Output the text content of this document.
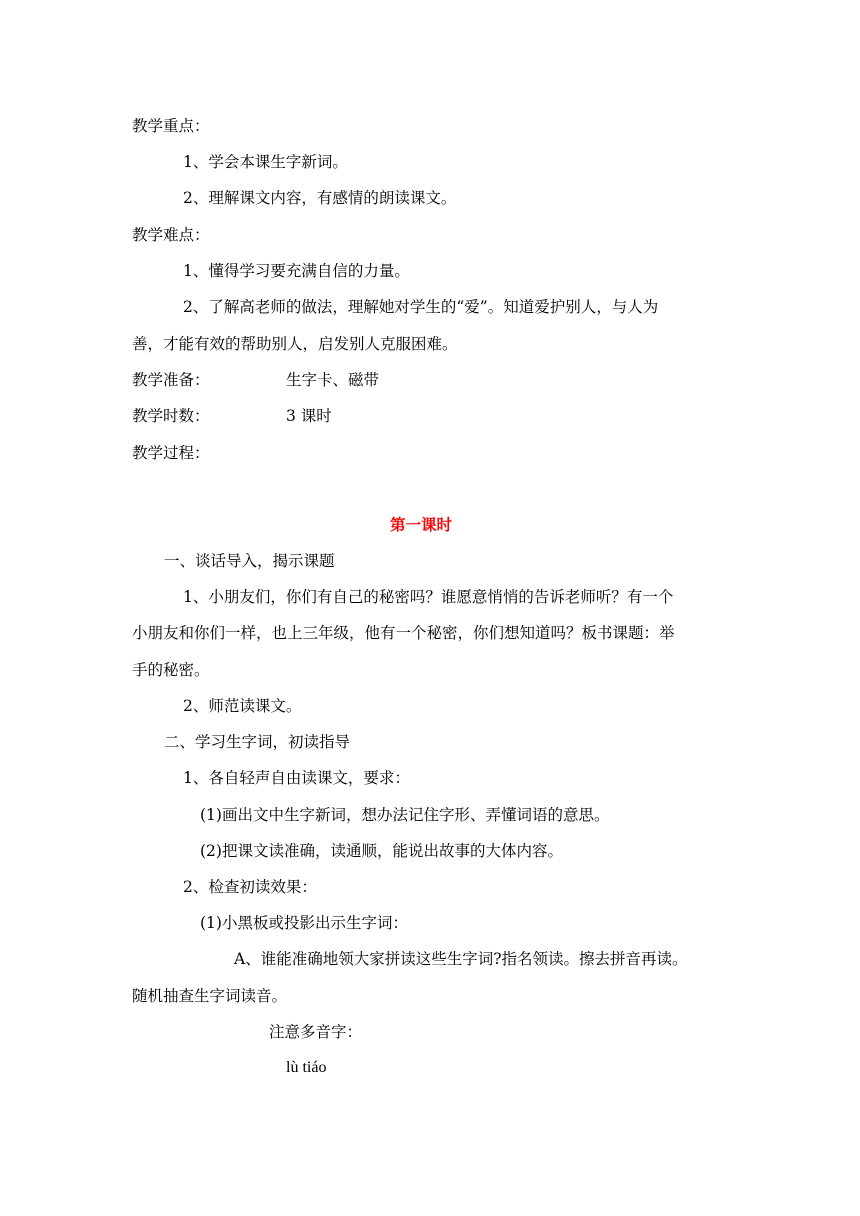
教学重点：
1、学会本课生字新词。
2、理解课文内容，有感情的朗读课文。
教学难点：
1、懂得学习要充满自信的力量。
2、了解高老师的做法，理解她对学生的“爱”。知道爱护别人，与人为
善，才能有效的帮助别人，启发别人克服困难。
教学准备：	生字卡、磁带
教学时数：	3 课时
教学过程：
第一课时
一、谈话导入，揭示课题
1、小朋友们，你们有自己的秘密吗？谁愿意悄悄的告诉老师听？有一个
小朋友和你们一样，也上三年级，他有一个秘密，你们想知道吗？板书课题：举
手的秘密。
2、师范读课文。
二、学习生字词，初读指导
1、各自轻声自由读课文，要求：
(1)画出文中生字新词，想办法记住字形、弄懂词语的意思。
(2)把课文读准确，读通顺，能说出故事的大体内容。
2、检查初读效果：
(1)小黑板或投影出示生字词：
A、谁能准确地领大家拼读这些生字词?指名领读。擦去拼音再读。
随机抽查生字词读音。
注意多音字：
lù tiáo
